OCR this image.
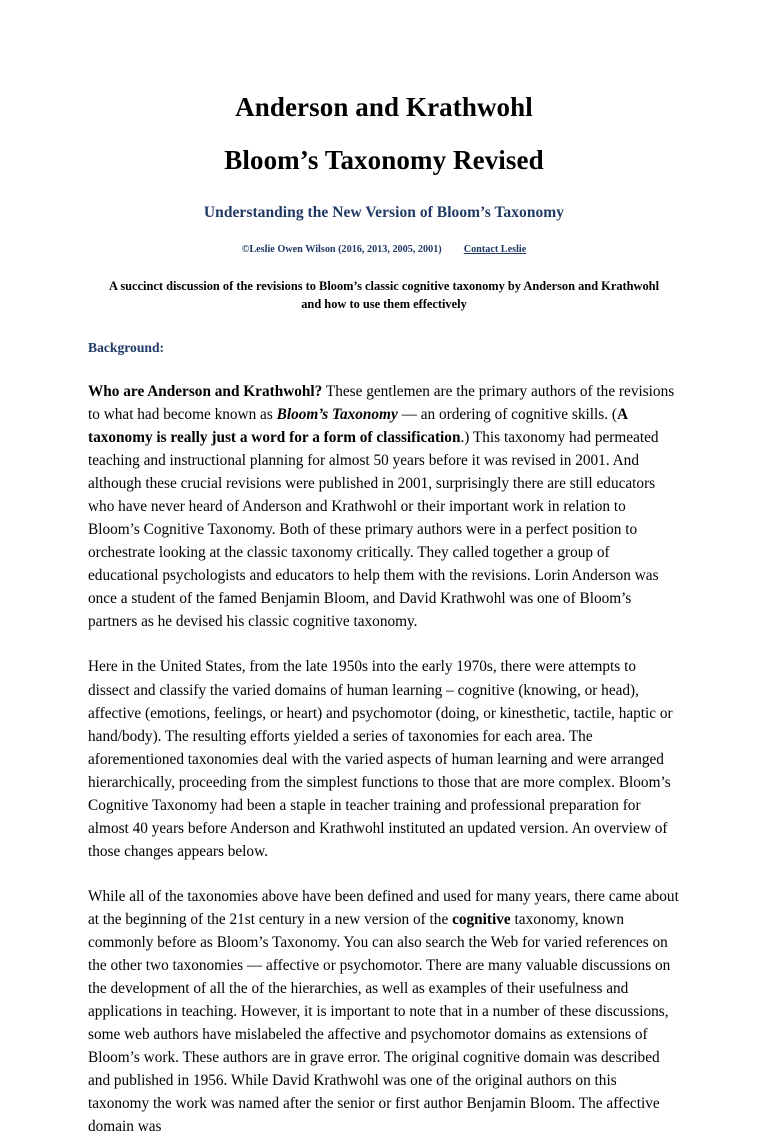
Anderson and Krathwohl
Bloom’s Taxonomy Revised
Understanding the New Version of Bloom’s Taxonomy

©Leslie Owen Wilson (2016, 2013, 2005, 2001) Contact Leslie

A succinct discussion of the revisions to Bloom’s classic cognitive taxonomy by Anderson and Krathwohl and how to use them effectively

Background:

Who are Anderson and Krathwohl? These gentlemen are the primary authors of the revisions to what had become known as Bloom’s Taxonomy — an ordering of cognitive skills. (A taxonomy is really just a word for a form of classification.) This taxonomy had permeated teaching and instructional planning for almost 50 years before it was revised in 2001. And although these crucial revisions were published in 2001, surprisingly there are still educators who have never heard of Anderson and Krathwohl or their important work in relation to Bloom’s Cognitive Taxonomy. Both of these primary authors were in a perfect position to orchestrate looking at the classic taxonomy critically. They called together a group of educational psychologists and educators to help them with the revisions. Lorin Anderson was once a student of the famed Benjamin Bloom, and David Krathwohl was one of Bloom’s partners as he devised his classic cognitive taxonomy.

Here in the United States, from the late 1950s into the early 1970s, there were attempts to dissect and classify the varied domains of human learning – cognitive (knowing, or head), affective (emotions, feelings, or heart) and psychomotor (doing, or kinesthetic, tactile, haptic or hand/body). The resulting efforts yielded a series of taxonomies for each area. The aforementioned taxonomies deal with the varied aspects of human learning and were arranged hierarchically, proceeding from the simplest functions to those that are more complex. Bloom’s Cognitive Taxonomy had been a staple in teacher training and professional preparation for almost 40 years before Anderson and Krathwohl instituted an updated version. An overview of those changes appears below.

While all of the taxonomies above have been defined and used for many years, there came about at the beginning of the 21st century in a new version of the cognitive taxonomy, known commonly before as Bloom’s Taxonomy. You can also search the Web for varied references on the other two taxonomies — affective or psychomotor. There are many valuable discussions on the development of all the of the hierarchies, as well as examples of their usefulness and applications in teaching. However, it is important to note that in a number of these discussions, some web authors have mislabeled the affective and psychomotor domains as extensions of Bloom’s work. These authors are in grave error. The original cognitive domain was described and published in 1956. While David Krathwohl was one of the original authors on this taxonomy the work was named after the senior or first author Benjamin Bloom. The affective domain was
